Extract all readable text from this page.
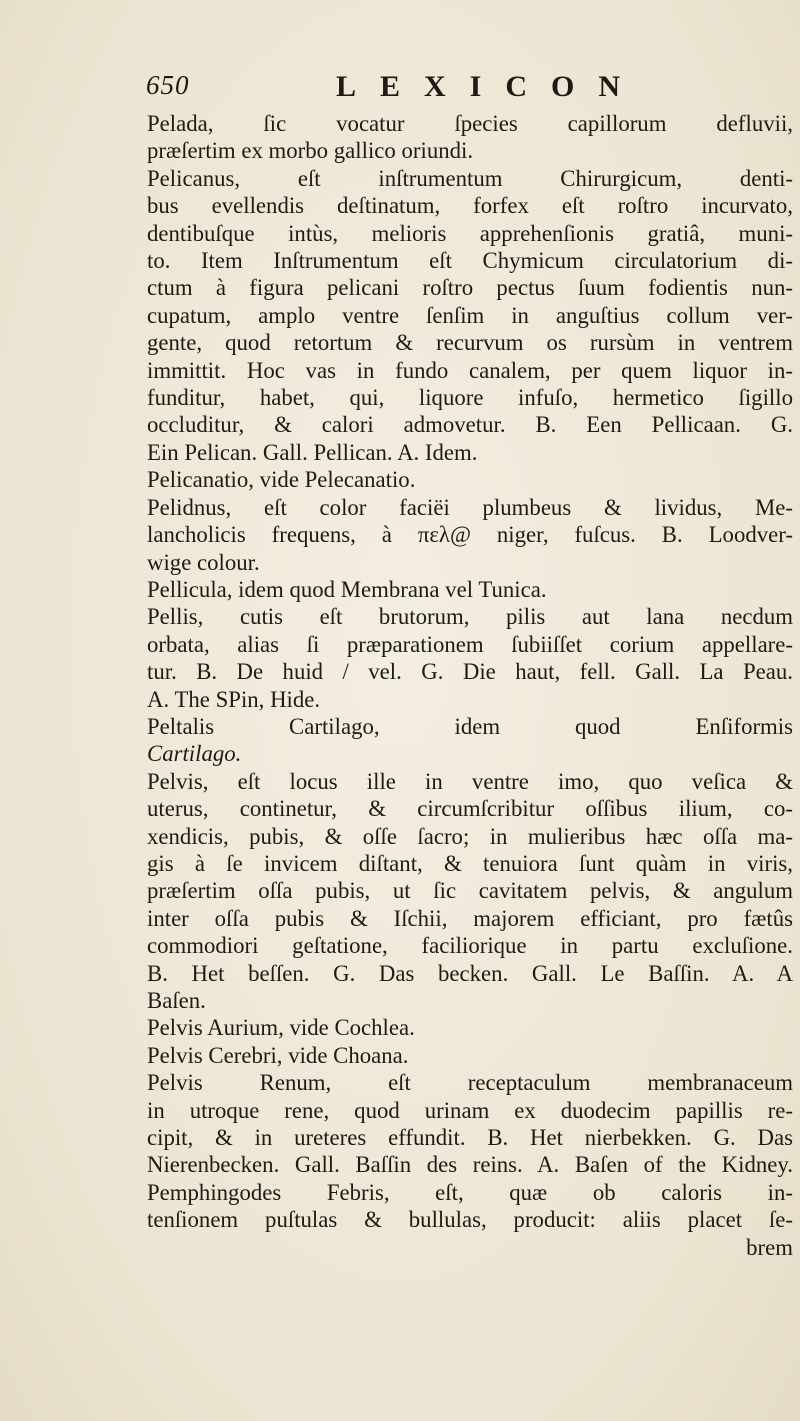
650	LEXICON
Pelada, ſic vocatur ſpecies capillorum defluvii,
præſertim ex morbo gallico oriundi.
Pelicanus, eſt inſtrumentum Chirurgicum, denti-
bus evellendis deſtinatum, forfex eſt roſtro incurvato,
dentibuſque intùs, melioris apprehenſionis gratiâ, muni-
to. Item Inſtrumentum eſt Chymicum circulatorium di-
ctum à figura pelicani roſtro pectus ſuum fodientis nun-
cupatum, amplo ventre ſenſim in anguſtius collum ver-
gente, quod retortum & recurvum os rursùm in ventrem
immittit. Hoc vas in fundo canalem, per quem liquor in-
funditur, habet, qui, liquore infuſo, hermetico ſigillo
occluditur, & calori admovetur. B. Een Pellicaan. G.
Ein Pelican. Gall. Pellican. A. Idem.
Pelicanatio, vide Pelecanatio.
Pelidnus, eſt color faciëi plumbeus & lividus, Me-
lancholicis frequens, à πελ@ niger, fuſcus. B. Loodver-
wige colour.
Pellicula, idem quod Membrana vel Tunica.
Pellis, cutis eſt brutorum, pilis aut lana necdum
orbata, alias ſi præparationem ſubiiſſet corium appellare-
tur. B. De huid / vel. G. Die haut, fell. Gall. La Peau.
A. The SPin, Hide.
Peltalis Cartilago, idem quod Enſiformis
Cartilago.
Pelvis, eſt locus ille in ventre imo, quo veſica &
uterus, continetur, & circumſcribitur oſſibus ilium, co-
xendicis, pubis, & oſſe ſacro; in mulieribus hæc oſſa ma-
gis à ſe invicem diſtant, & tenuiora ſunt quàm in viris,
præſertim oſſa pubis, ut ſic cavitatem pelvis, & angulum
inter oſſa pubis & Iſchii, majorem efficiant, pro fætûs
commodiori geſtatione, faciliorique in partu excluſione.
B. Het beſſen. G. Das becken. Gall. Le Baſſin. A. A
Baſen.
Pelvis Aurium, vide Cochlea.
Pelvis Cerebri, vide Choana.
Pelvis Renum, eſt receptaculum membranaceum
in utroque rene, quod urinam ex duodecim papillis re-
cipit, & in ureteres effundit. B. Het nierbekken. G. Das
Nierenbecken. Gall. Baſſin des reins. A. Baſen of the Kidney.
Pemphingodes Febris, eſt, quæ ob caloris in-
tenſionem puſtulas & bullulas, producit: aliis placet ſe-
brem
